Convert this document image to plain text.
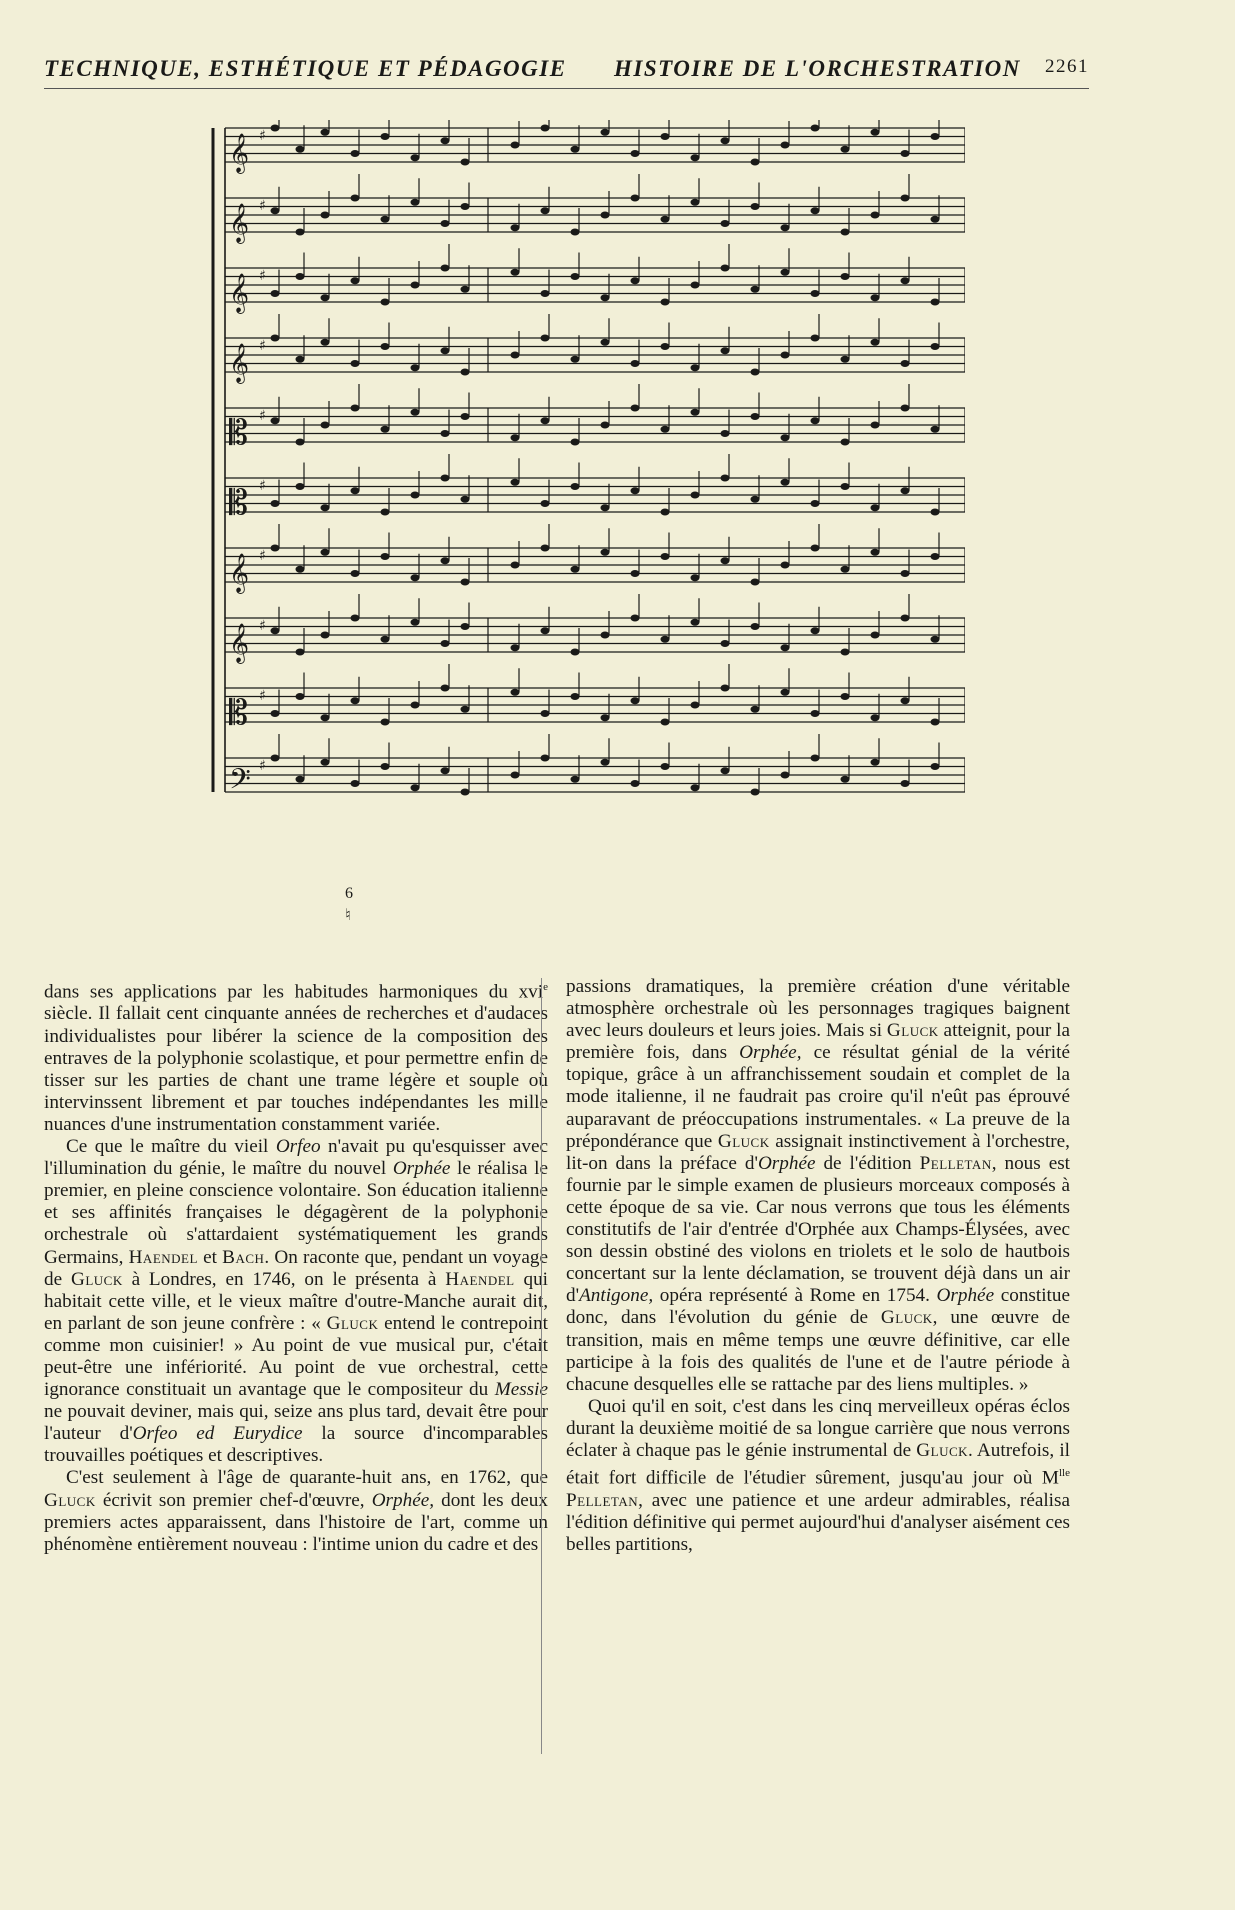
TECHNIQUE, ESTHÉTIQUE ET PÉDAGOGIE HISTOIRE DE L'ORCHESTRATION 2261
𝄞 ♯
𝄞 ♯
𝄞 ♯
𝄞 ♯
𝄡 ♯
𝄡 ♯
𝄞 ♯
𝄞 ♯
𝄡 ♯
𝄢 ♯
6
♮

dans ses applications par les habitudes harmoniques du xvi$^e$ siècle. Il fallait cent cinquante années de recherches et d'audaces individualistes pour libérer la science de la composition des entraves de la polyphonie scolastique, et pour permettre enfin de tisser sur les parties de chant une trame légère et souple où intervinssent librement et par touches indépendantes les mille nuances d'une instrumentation constamment variée.

Ce que le maître du vieil Orfeo n'avait pu qu'esquisser avec l'illumination du génie, le maître du nouvel Orphée le réalisa le premier, en pleine conscience volontaire. Son éducation italienne et ses affinités françaises le dégagèrent de la polyphonie orchestrale où s'attardaient systématiquement les grands Germains, Haendel et Bach. On raconte que, pendant un voyage de Gluck à Londres, en 1746, on le présenta à Haendel qui habitait cette ville, et le vieux maître d'outre-Manche aurait dit, en parlant de son jeune confrère : « Gluck entend le contrepoint comme mon cuisinier! » Au point de vue musical pur, c'était peut-être une infériorité. Au point de vue orchestral, cette ignorance constituait un avantage que le compositeur du Messie ne pouvait deviner, mais qui, seize ans plus tard, devait être pour l'auteur d'Orfeo ed Eurydice la source d'incomparables trouvailles poétiques et descriptives.

C'est seulement à l'âge de quarante-huit ans, en 1762, que Gluck écrivit son premier chef-d'œuvre, Orphée, dont les deux premiers actes apparaissent, dans l'histoire de l'art, comme un phénomène entièrement nouveau : l'intime union du cadre et des

passions dramatiques, la première création d'une véritable atmosphère orchestrale où les personnages tragiques baignent avec leurs douleurs et leurs joies. Mais si Gluck atteignit, pour la première fois, dans Orphée, ce résultat génial de la vérité topique, grâce à un affranchissement soudain et complet de la mode italienne, il ne faudrait pas croire qu'il n'eût pas éprouvé auparavant de préoccupations instrumentales. « La preuve de la prépondérance que Gluck assignait instinctivement à l'orchestre, lit-on dans la préface d'Orphée de l'édition Pelletan, nous est fournie par le simple examen de plusieurs morceaux composés à cette époque de sa vie. Car nous verrons que tous les éléments constitutifs de l'air d'entrée d'Orphée aux Champs-Élysées, avec son dessin obstiné des violons en triolets et le solo de hautbois concertant sur la lente déclamation, se trouvent déjà dans un air d'Antigone, opéra représenté à Rome en 1754. Orphée constitue donc, dans l'évolution du génie de Gluck, une œuvre de transition, mais en même temps une œuvre définitive, car elle participe à la fois des qualités de l'une et de l'autre période à chacune desquelles elle se rattache par des liens multiples. »

Quoi qu'il en soit, c'est dans les cinq merveilleux opéras éclos durant la deuxième moitié de sa longue carrière que nous verrons éclater à chaque pas le génie instrumental de Gluck. Autrefois, il était fort difficile de l'étudier sûrement, jusqu'au jour où $M^{lle}$ Pelletan, avec une patience et une ardeur admirables, réalisa l'édition définitive qui permet aujourd'hui d'analyser aisément ces belles partitions,
